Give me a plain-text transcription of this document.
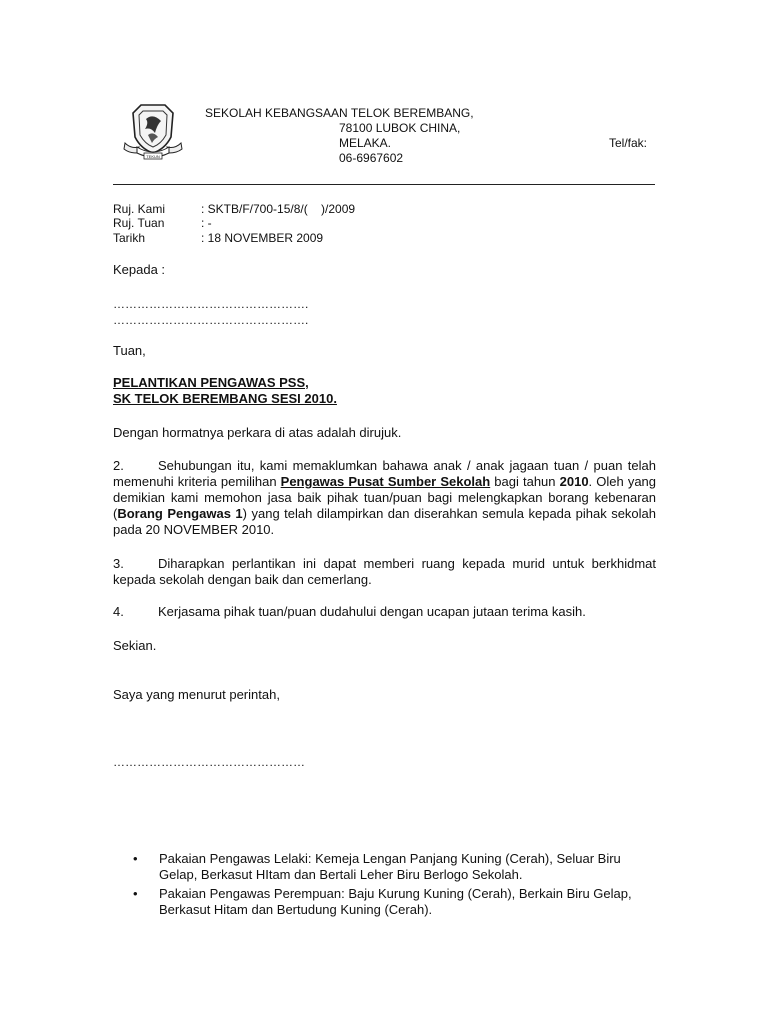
TEKUN
SEKOLAH KEBANGSAAN TELOK BEREMBANG,
78100 LUBOK CHINA,
MELAKA.
06-6967602
Tel/fak:
Ruj. Kami	: SKTB/F/700-15/8/(    )/2009
Ruj. Tuan	: -
Tarikh	: 18 NOVEMBER 2009
Kepada :
………………………………………….
………………………………………….
Tuan,
PELANTIKAN PENGAWAS PSS,
SK TELOK BEREMBANG SESI 2010.
Dengan hormatnya perkara di atas adalah dirujuk.
2.	Sehubungan itu, kami memaklumkan bahawa anak / anak jagaan tuan / puan telah memenuhi kriteria pemilihan Pengawas Pusat Sumber Sekolah bagi tahun 2010. Oleh yang demikian kami memohon jasa baik pihak tuan/puan bagi melengkapkan borang kebenaran (Borang Pengawas 1) yang telah dilampirkan dan diserahkan semula kepada pihak sekolah pada 20 NOVEMBER 2010.
3.	Diharapkan perlantikan ini dapat memberi ruang kepada murid untuk berkhidmat kepada sekolah dengan baik dan cemerlang.
4.	Kerjasama pihak tuan/puan dudahului dengan ucapan jutaan terima kasih.
Sekian.
Saya yang menurut perintah,
…………………………………………
• Pakaian Pengawas Lelaki: Kemeja Lengan Panjang Kuning (Cerah), Seluar Biru Gelap, Berkasut HItam dan Bertali Leher Biru Berlogo Sekolah.
• Pakaian Pengawas Perempuan: Baju Kurung Kuning (Cerah), Berkain Biru Gelap, Berkasut Hitam dan Bertudung Kuning (Cerah).
